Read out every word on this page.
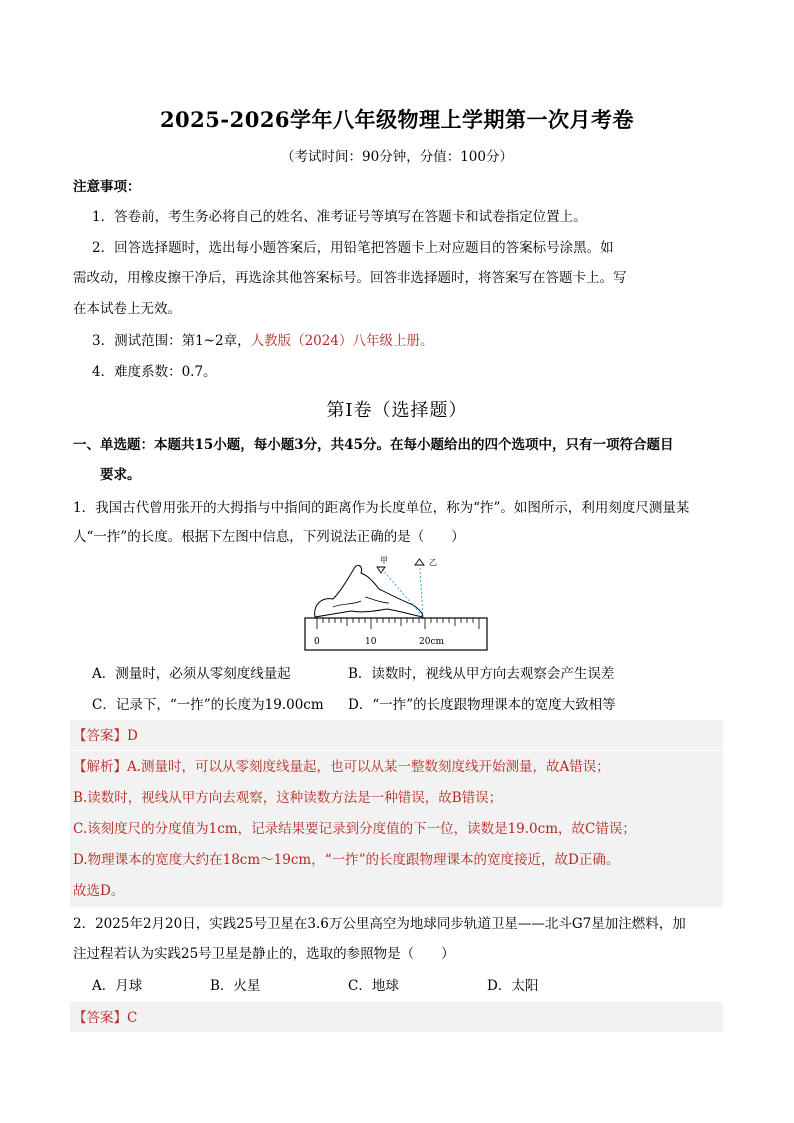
2025-2026学年八年级物理上学期第一次月考卷
（考试时间：90分钟，分值：100分）
注意事项：
1．答卷前，考生务必将自己的姓名、准考证号等填写在答题卡和试卷指定位置上。
2．回答选择题时，选出每小题答案后，用铅笔把答题卡上对应题目的答案标号涂黑。如
需改动，用橡皮擦干净后，再选涂其他答案标号。回答非选择题时，将答案写在答题卡上。写
在本试卷上无效。
3．测试范围：第1~2章，人教版（2024）八年级上册。
4．难度系数：0.7。
第Ⅰ卷（选择题）
一、单选题：本题共15小题，每小题3分，共45分。在每小题给出的四个选项中，只有一项符合题目
要求。
1．我国古代曾用张开的大拇指与中指间的距离作为长度单位，称为“拃”。如图所示，利用刻度尺测量某
人“一拃”的长度。根据下左图中信息，下列说法正确的是（　　）
0	10	20cm
甲	乙
A．测量时，必须从零刻度线量起	B．读数时，视线从甲方向去观察会产生误差
C．记录下，“一拃”的长度为19.00cm D．“一拃”的长度跟物理课本的宽度大致相等
【答案】D
【解析】A.测量时，可以从零刻度线量起，也可以从某一整数刻度线开始测量，故A错误；
B.读数时，视线从甲方向去观察，这种读数方法是一种错误，故B错误；
C.该刻度尺的分度值为1cm，记录结果要记录到分度值的下一位，读数是19.0cm，故C错误；
D.物理课本的宽度大约在18cm～19cm，“一拃”的长度跟物理课本的宽度接近，故D正确。
故选D。
2．2025年2月20日，实践25号卫星在3.6万公里高空为地球同步轨道卫星——北斗G7星加注燃料，加
注过程若认为实践25号卫星是静止的，选取的参照物是（　　）
A．月球	B．火星	C．地球	D．太阳
【答案】C
